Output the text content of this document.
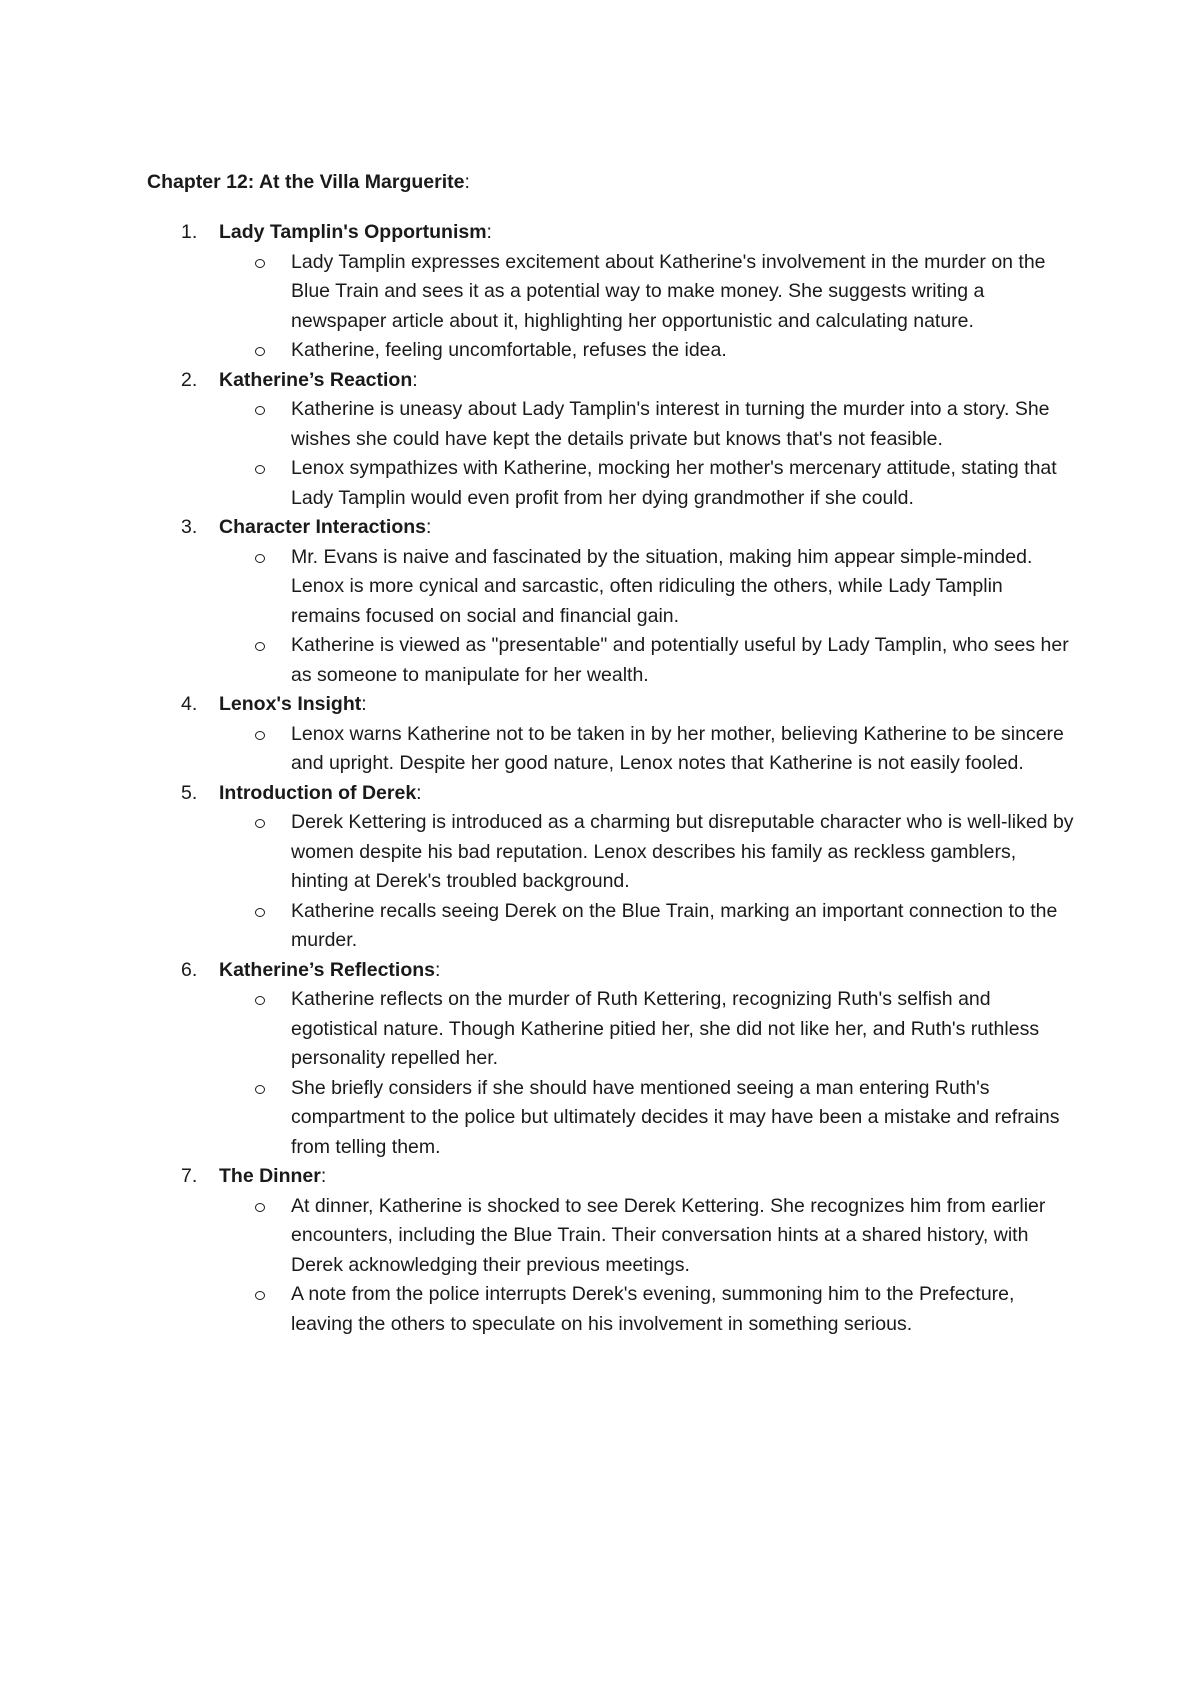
Chapter 12: At the Villa Marguerite:
1. Lady Tamplin's Opportunism:
Lady Tamplin expresses excitement about Katherine's involvement in the murder on the Blue Train and sees it as a potential way to make money. She suggests writing a newspaper article about it, highlighting her opportunistic and calculating nature.
Katherine, feeling uncomfortable, refuses the idea.
2. Katherine’s Reaction:
Katherine is uneasy about Lady Tamplin's interest in turning the murder into a story. She wishes she could have kept the details private but knows that's not feasible.
Lenox sympathizes with Katherine, mocking her mother's mercenary attitude, stating that Lady Tamplin would even profit from her dying grandmother if she could.
3. Character Interactions:
Mr. Evans is naive and fascinated by the situation, making him appear simple-minded. Lenox is more cynical and sarcastic, often ridiculing the others, while Lady Tamplin remains focused on social and financial gain.
Katherine is viewed as "presentable" and potentially useful by Lady Tamplin, who sees her as someone to manipulate for her wealth.
4. Lenox's Insight:
Lenox warns Katherine not to be taken in by her mother, believing Katherine to be sincere and upright. Despite her good nature, Lenox notes that Katherine is not easily fooled.
5. Introduction of Derek:
Derek Kettering is introduced as a charming but disreputable character who is well-liked by women despite his bad reputation. Lenox describes his family as reckless gamblers, hinting at Derek's troubled background.
Katherine recalls seeing Derek on the Blue Train, marking an important connection to the murder.
6. Katherine’s Reflections:
Katherine reflects on the murder of Ruth Kettering, recognizing Ruth's selfish and egotistical nature. Though Katherine pitied her, she did not like her, and Ruth's ruthless personality repelled her.
She briefly considers if she should have mentioned seeing a man entering Ruth's compartment to the police but ultimately decides it may have been a mistake and refrains from telling them.
7. The Dinner:
At dinner, Katherine is shocked to see Derek Kettering. She recognizes him from earlier encounters, including the Blue Train. Their conversation hints at a shared history, with Derek acknowledging their previous meetings.
A note from the police interrupts Derek's evening, summoning him to the Prefecture, leaving the others to speculate on his involvement in something serious.
